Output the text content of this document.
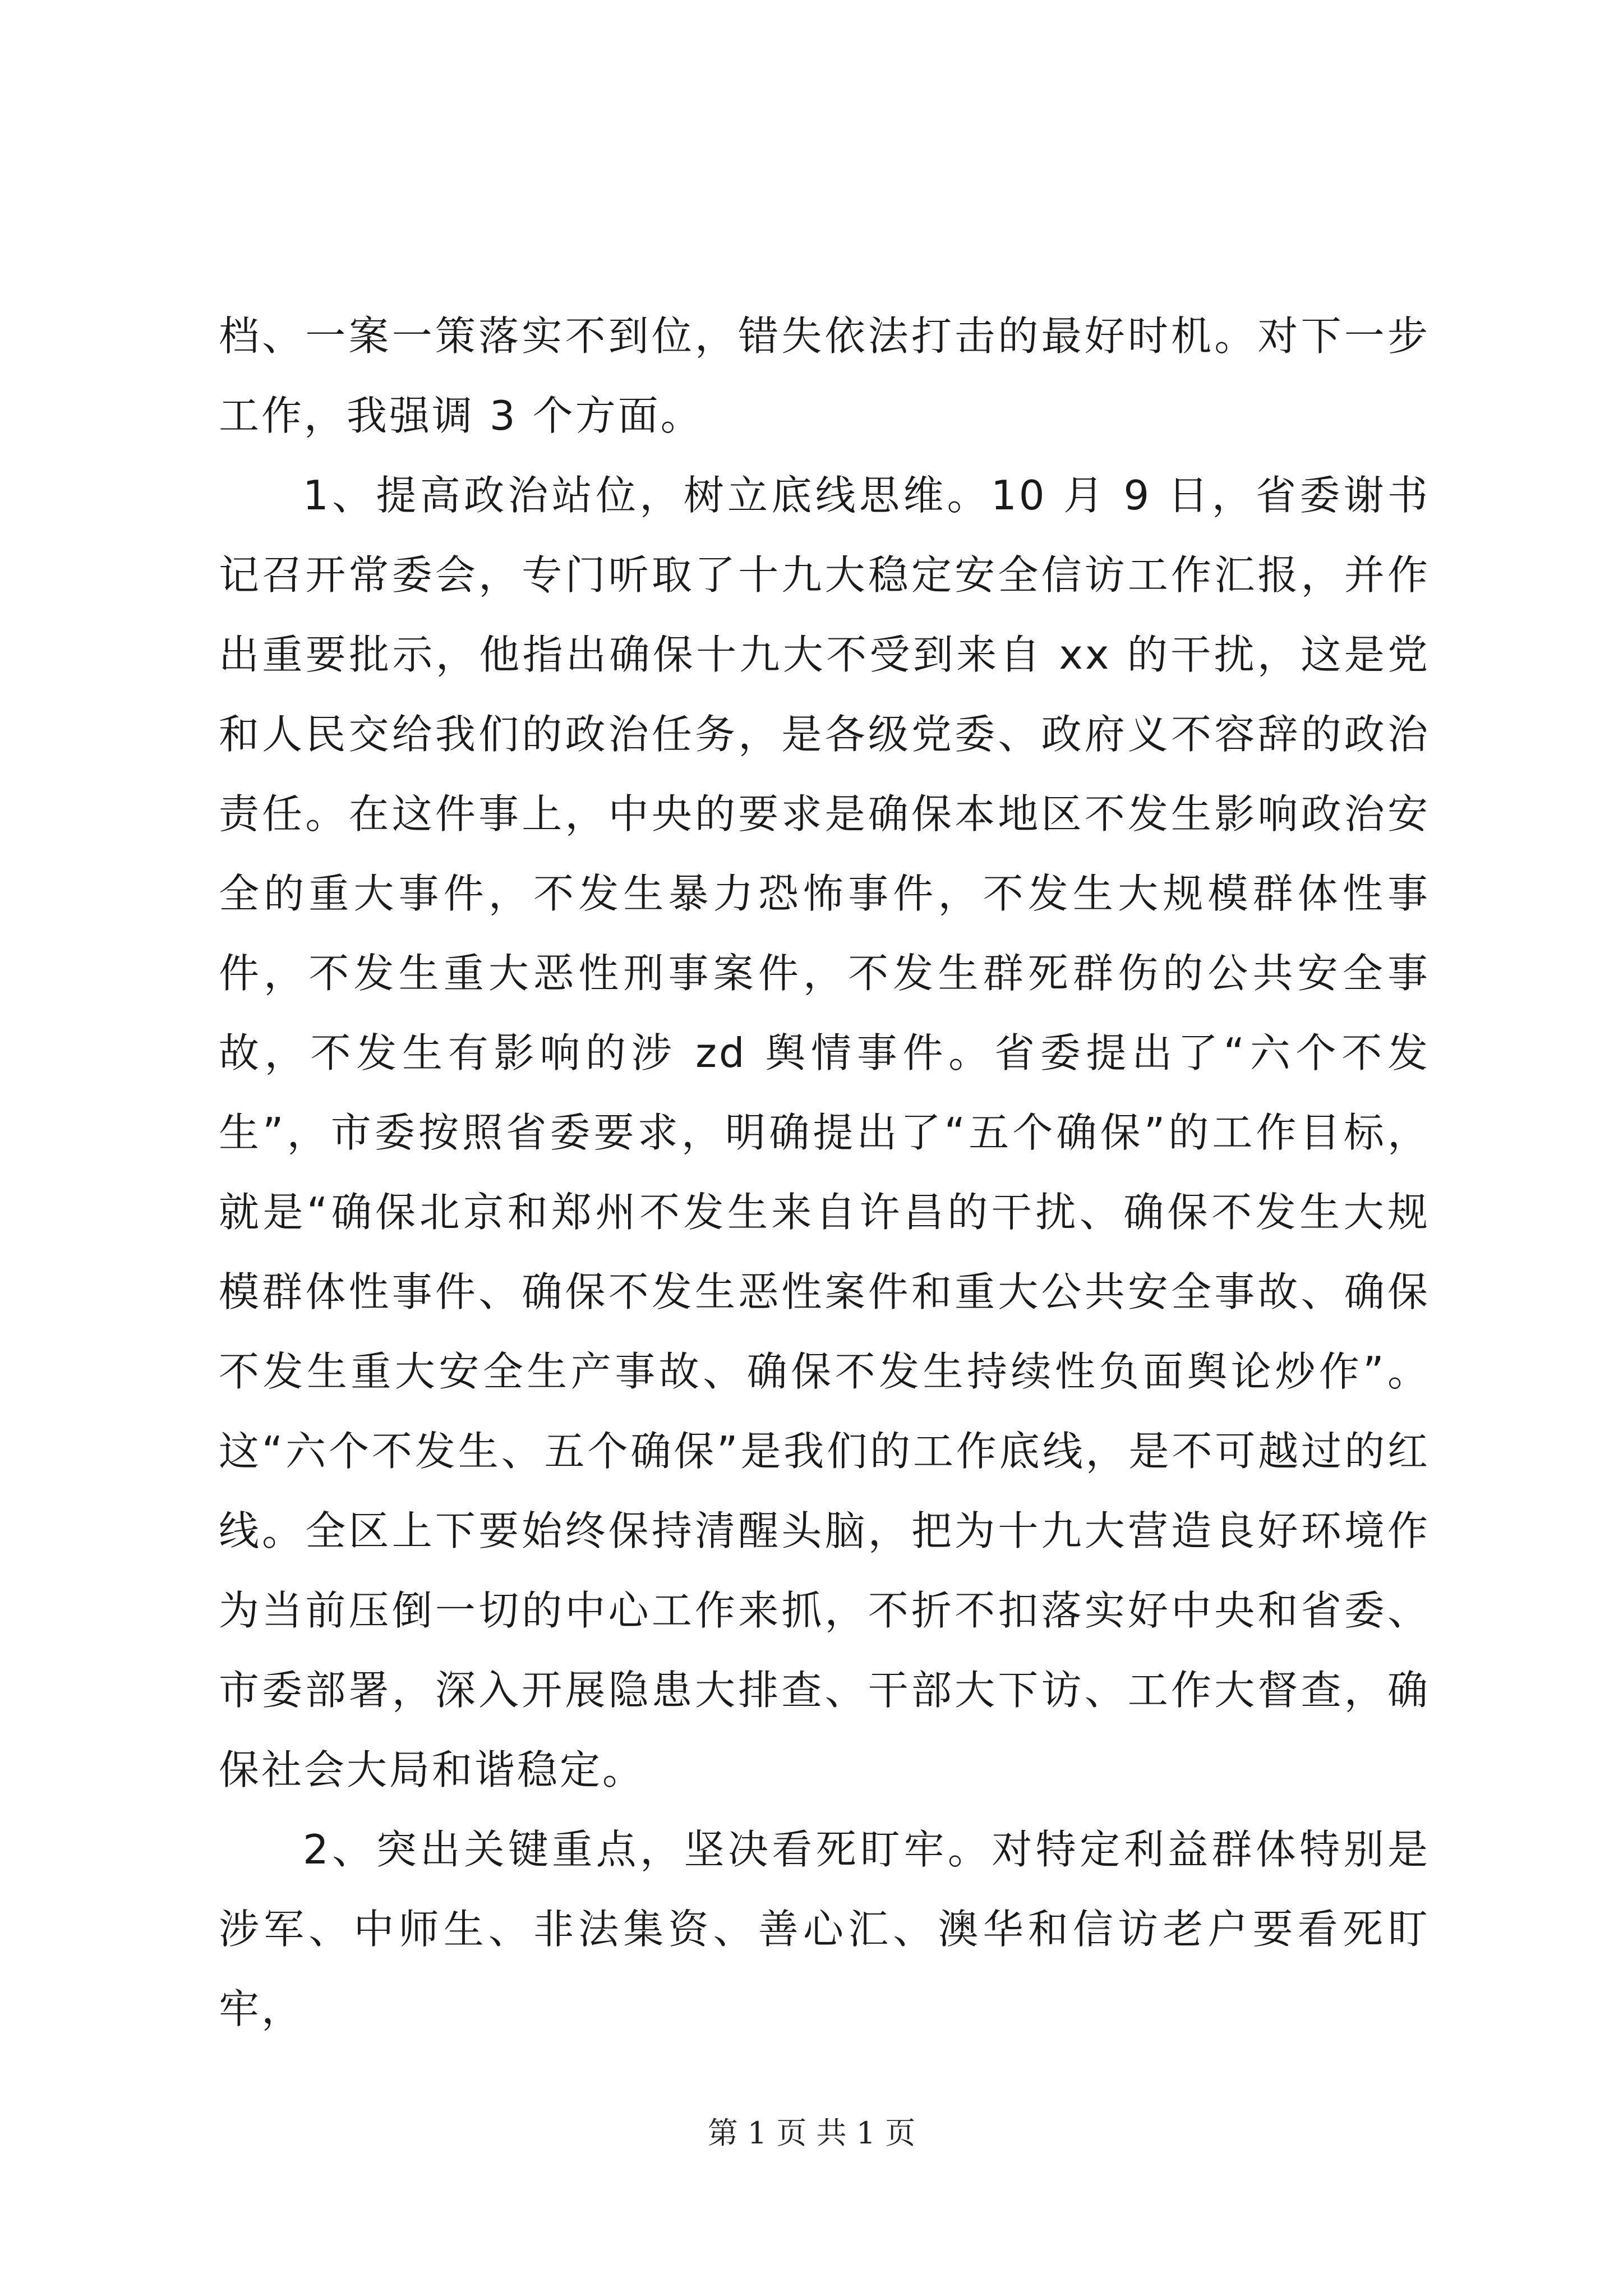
档、一案一策落实不到位，错失依法打击的最好时机。对下一步工作，我强调 3 个方面。

1、提高政治站位，树立底线思维。10 月 9 日，省委谢书记召开常委会，专门听取了十九大稳定安全信访工作汇报，并作出重要批示，他指出确保十九大不受到来自 xx 的干扰，这是党和人民交给我们的政治任务，是各级党委、政府义不容辞的政治责任。在这件事上，中央的要求是确保本地区不发生影响政治安全的重大事件，不发生暴力恐怖事件，不发生大规模群体性事件，不发生重大恶性刑事案件，不发生群死群伤的公共安全事故，不发生有影响的涉 zd 舆情事件。省委提出了“六个不发生”，市委按照省委要求，明确提出了“五个确保”的工作目标，就是“确保北京和郑州不发生来自许昌的干扰、确保不发生大规模群体性事件、确保不发生恶性案件和重大公共安全事故、确保不发生重大安全生产事故、确保不发生持续性负面舆论炒作”。这“六个不发生、五个确保”是我们的工作底线，是不可越过的红线。全区上下要始终保持清醒头脑，把为十九大营造良好环境作为当前压倒一切的中心工作来抓，不折不扣落实好中央和省委、市委部署，深入开展隐患大排查、干部大下访、工作大督查，确保社会大局和谐稳定。

2、突出关键重点，坚决看死盯牢。对特定利益群体特别是涉军、中师生、非法集资、善心汇、澳华和信访老户要看死盯牢，

第 1 页 共 1 页
